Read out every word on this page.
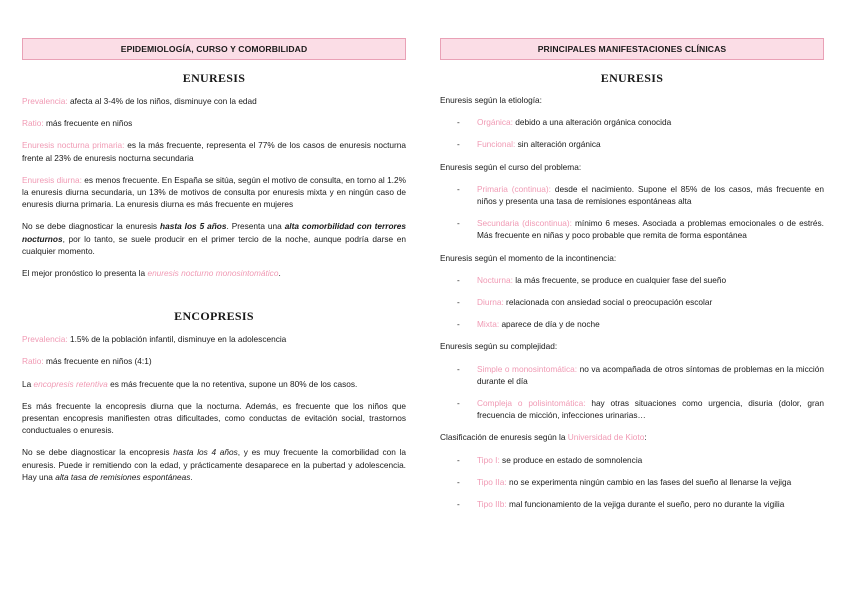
EPIDEMIOLOGÍA, CURSO Y COMORBILIDAD
ENURESIS

Prevalencia: afecta al 3-4% de los niños, disminuye con la edad

Ratio: más frecuente en niños

Enuresis nocturna primaria: es la más frecuente, representa el 77% de los casos de enuresis nocturna frente al 23% de enuresis nocturna secundaria

Enuresis diurna: es menos frecuente. En España se sitúa, según el motivo de consulta, en torno al 1.2% la enuresis diurna secundaria, un 13% de motivos de consulta por enuresis mixta y en ningún caso de enuresis diurna primaria. La enuresis diurna es más frecuente en mujeres

No se debe diagnosticar la enuresis hasta los 5 años. Presenta una alta comorbilidad con terrores nocturnos, por lo tanto, se suele producir en el primer tercio de la noche, aunque podría darse en cualquier momento.

El mejor pronóstico lo presenta la enuresis nocturno monosintomático.

ENCOPRESIS

Prevalencia: 1.5% de la población infantil, disminuye en la adolescencia

Ratio: más frecuente en niños (4:1)

La encopresis retentiva es más frecuente que la no retentiva, supone un 80% de los casos.

Es más frecuente la encopresis diurna que la nocturna. Además, es frecuente que los niños que presentan encopresis manifiesten otras dificultades, como conductas de evitación social, trastornos conductuales o enuresis.

No se debe diagnosticar la encopresis hasta los 4 años, y es muy frecuente la comorbilidad con la enuresis. Puede ir remitiendo con la edad, y prácticamente desaparece en la pubertad y adolescencia. Hay una alta tasa de remisiones espontáneas.

PRINCIPALES MANIFESTACIONES CLÍNICAS
ENURESIS

Enuresis según la etiología:

- Orgánica: debido a una alteración orgánica conocida
- Funcional: sin alteración orgánica

Enuresis según el curso del problema:

- Primaria (continua): desde el nacimiento. Supone el 85% de los casos, más frecuente en niños y presenta una tasa de remisiones espontáneas alta
- Secundaria (discontinua): mínimo 6 meses. Asociada a problemas emocionales o de estrés. Más frecuente en niñas y poco probable que remita de forma espontánea

Enuresis según el momento de la incontinencia:

- Nocturna: la más frecuente, se produce en cualquier fase del sueño
- Diurna: relacionada con ansiedad social o preocupación escolar
- Mixta: aparece de día y de noche

Enuresis según su complejidad:

- Simple o monosintomática: no va acompañada de otros síntomas de problemas en la micción durante el día
- Compleja o polisintomática: hay otras situaciones como urgencia, disuria (dolor, gran frecuencia de micción, infecciones urinarias…

Clasificación de enuresis según la Universidad de Kioto:

- Tipo I: se produce en estado de somnolencia
- Tipo IIa: no se experimenta ningún cambio en las fases del sueño al llenarse la vejiga
- Tipo IIb: mal funcionamiento de la vejiga durante el sueño, pero no durante la vigilia
